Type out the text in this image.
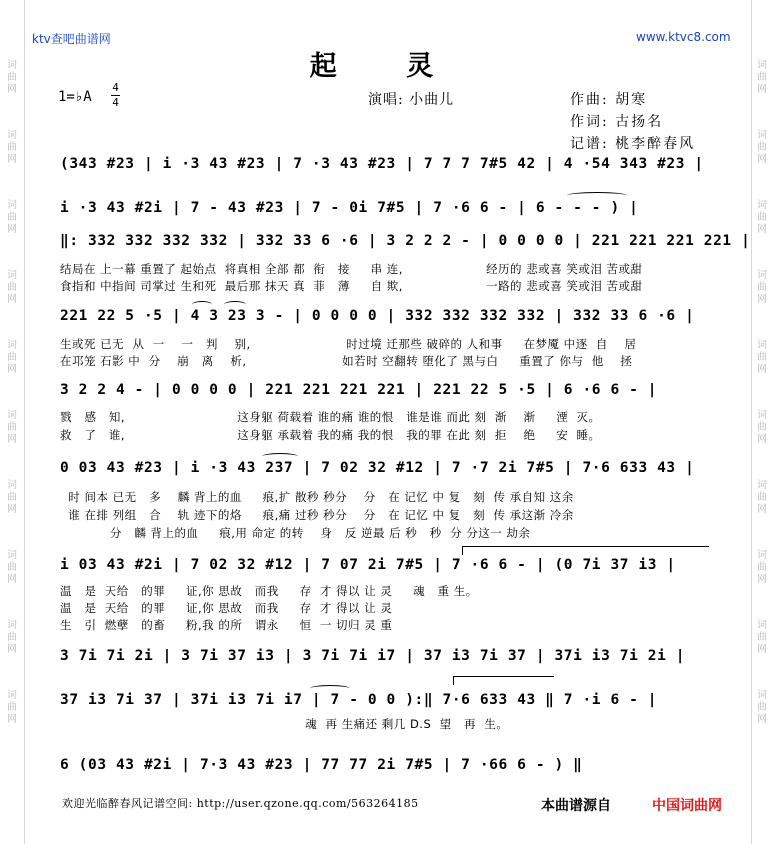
词
曲
网
词
曲
网
词
曲
网
词
曲
网
词
曲
网
词
曲
网
词
曲
网
词
曲
网
词
曲
网
词
曲
网
词
曲
网
词
曲
网
词
曲
网
词
曲
网
词
曲
网
词
曲
网
词
曲
网
词
曲
网
词
曲
网
词
曲
网
ktv查吧曲谱网	www.ktvc8.com
起 灵
1=♭A
4
4	演唱: 小曲儿	作曲: 胡寒
作词: 古扬名
记谱: 桃李醉春风
(343 #23 | i ·3 43 #23 | 7 ·3 43 #23 | 7 7 7 7#5 42 | 4 ·54 343 #23 |
i ·3 43 #2i | 7 - 43 #23 | 7 - 0i 7#5 | 7 ·6 6 - | 6 - - - ) |
‖: 332 332 332 332 | 332 33 6 ·6 | 3 2 2 2 - | 0 0 0 0 | 221 221 221 221 |
结局在 上一幕 重置了 起始点  将真相 全部 都  衔   接     串 连,                    经历的 悲或喜 笑或泪 苦或甜
食指和 中指间 司掌过 生和死  最后那 抹天 真  菲   薄     自 欺,                    一路的 悲或喜 笑或泪 苦或甜
221 22 5 ·5 | 4 3 23 3 - | 0 0 0 0 | 332 332 332 332 | 332 33 6 ·6 |
生或死 已无  从  一    一   判    别,                       时过境 迁那些 破碎的 人和事     在梦魇 中逐  自    居
在邛笼 石影 中  分    崩   离    析,                       如若时 空翻转 堕化了 黑与白     重置了 你与  他    拯
3 2 2 4 - | 0 0 0 0 | 221 221 221 221 | 221 22 5 ·5 | 6 ·6 6 - |
戮   感   知,                           这身躯 荷载着 谁的痛 谁的恨   谁是谁 而此 刻  渐    渐     湮  灭。
救   了   谁,                           这身躯 承载着 我的痛 我的恨   我的罪 在此 刻  拒    绝     安  睡。
0 03 43 #23 | i ·3 43 237 | 7 02 32 #12 | 7 ·7 2i 7#5 | 7·6 633 43 |
时 间本 已无   多    麟 背上的血     痕,扩 散秒 秒分    分   在 记忆 中 复   刻  传 承自知 这余
谁 在排 列组   合    轨 迹下的烙     痕,痛 过秒 秒分    分   在 记忆 中 复   刻  传 承这渐 冷余
分   麟 背上的血     痕,用 命定 的转    身   反 逆最 后 秒   秒  分 分这一 劫余
i 03 43 #2i | 7 02 32 #12 | 7 07 2i 7#5 | 7 ·6 6 - | (0 7i 37 i3 |
温   是  天给   的罪     证,你 思故   而我     存  才 得以 让 灵     魂   重 生。
温   是  天给   的罪     证,你 思故   而我     存  才 得以 让 灵
生   引  燃孽   的畜     粉,我 的所   谓永     恒  一 切归 灵 重
3 7i 7i 2i | 3 7i 37 i3 | 3 7i 7i i7 | 37 i3 7i 37 | 37i i3 7i 2i |
37 i3 7i 37 | 37i i3 7i i7 | 7 - 0 0 ):‖ 7·6 633 43 ‖ 7 ·i 6 - |
魂  再 生痛还 剩几 D.S  望   再  生。
6 (03 43 #2i | 7·3 43 #23 | 77 77 2i 7#5 | 7 ·66 6 - ) ‖
欢迎光临醉春风记谱空间: http://user.qzone.qq.com/563264185	本曲谱源自	中国词曲网
